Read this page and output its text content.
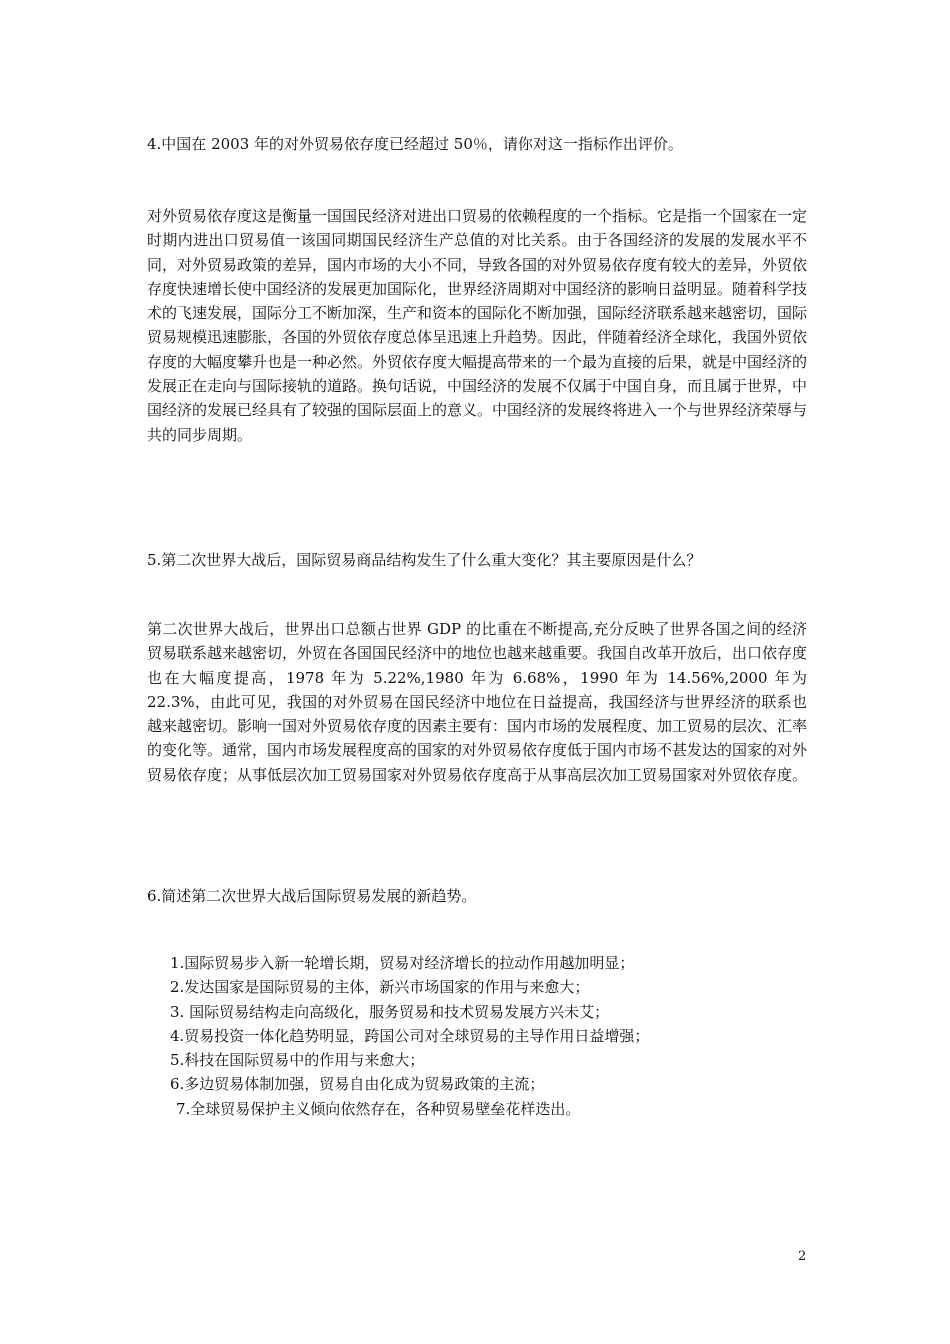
4.中国在 2003 年的对外贸易依存度已经超过 50％，请你对这一指标作出评价。
对外贸易依存度这是衡量一国国民经济对进出口贸易的依赖程度的一个指标。它是指一个国家在一定时期内进出口贸易值一该国同期国民经济生产总值的对比关系。由于各国经济的发展的发展水平不同，对外贸易政策的差异，国内市场的大小不同，导致各国的对外贸易依存度有较大的差异，外贸依存度快速增长使中国经济的发展更加国际化，世界经济周期对中国经济的影响日益明显。随着科学技术的飞速发展，国际分工不断加深，生产和资本的国际化不断加强，国际经济联系越来越密切，国际贸易规模迅速膨胀，各国的外贸依存度总体呈迅速上升趋势。因此，伴随着经济全球化，我国外贸依存度的大幅度攀升也是一种必然。外贸依存度大幅提高带来的一个最为直接的后果，就是中国经济的发展正在走向与国际接轨的道路。换句话说，中国经济的发展不仅属于中国自身，而且属于世界，中国经济的发展已经具有了较强的国际层面上的意义。中国经济的发展终将进入一个与世界经济荣辱与共的同步周期。
5.第二次世界大战后，国际贸易商品结构发生了什么重大变化？其主要原因是什么？
第二次世界大战后，世界出口总额占世界 GDP 的比重在不断提高,充分反映了世界各国之间的经济贸易联系越来越密切，外贸在各国国民经济中的地位也越来越重要。我国自改革开放后，出口依存度也在大幅度提高，1978 年为 5.22%,1980 年为 6.68%，1990 年为 14.56%,2000 年为 22.3%，由此可见，我国的对外贸易在国民经济中地位在日益提高，我国经济与世界经济的联系也越来越密切。影响一国对外贸易依存度的因素主要有：国内市场的发展程度、加工贸易的层次、汇率的变化等。通常，国内市场发展程度高的国家的对外贸易依存度低于国内市场不甚发达的国家的对外贸易依存度；从事低层次加工贸易国家对外贸易依存度高于从事高层次加工贸易国家对外贸依存度。
6.简述第二次世界大战后国际贸易发展的新趋势。
1.国际贸易步入新一轮增长期，贸易对经济增长的拉动作用越加明显；
2.发达国家是国际贸易的主体，新兴市场国家的作用与来愈大；
3. 国际贸易结构走向高级化，服务贸易和技术贸易发展方兴未艾；
4.贸易投资一体化趋势明显，跨国公司对全球贸易的主导作用日益增强；
5.科技在国际贸易中的作用与来愈大；
6.多边贸易体制加强，贸易自由化成为贸易政策的主流；
7.全球贸易保护主义倾向依然存在，各种贸易壁垒花样迭出。
2
